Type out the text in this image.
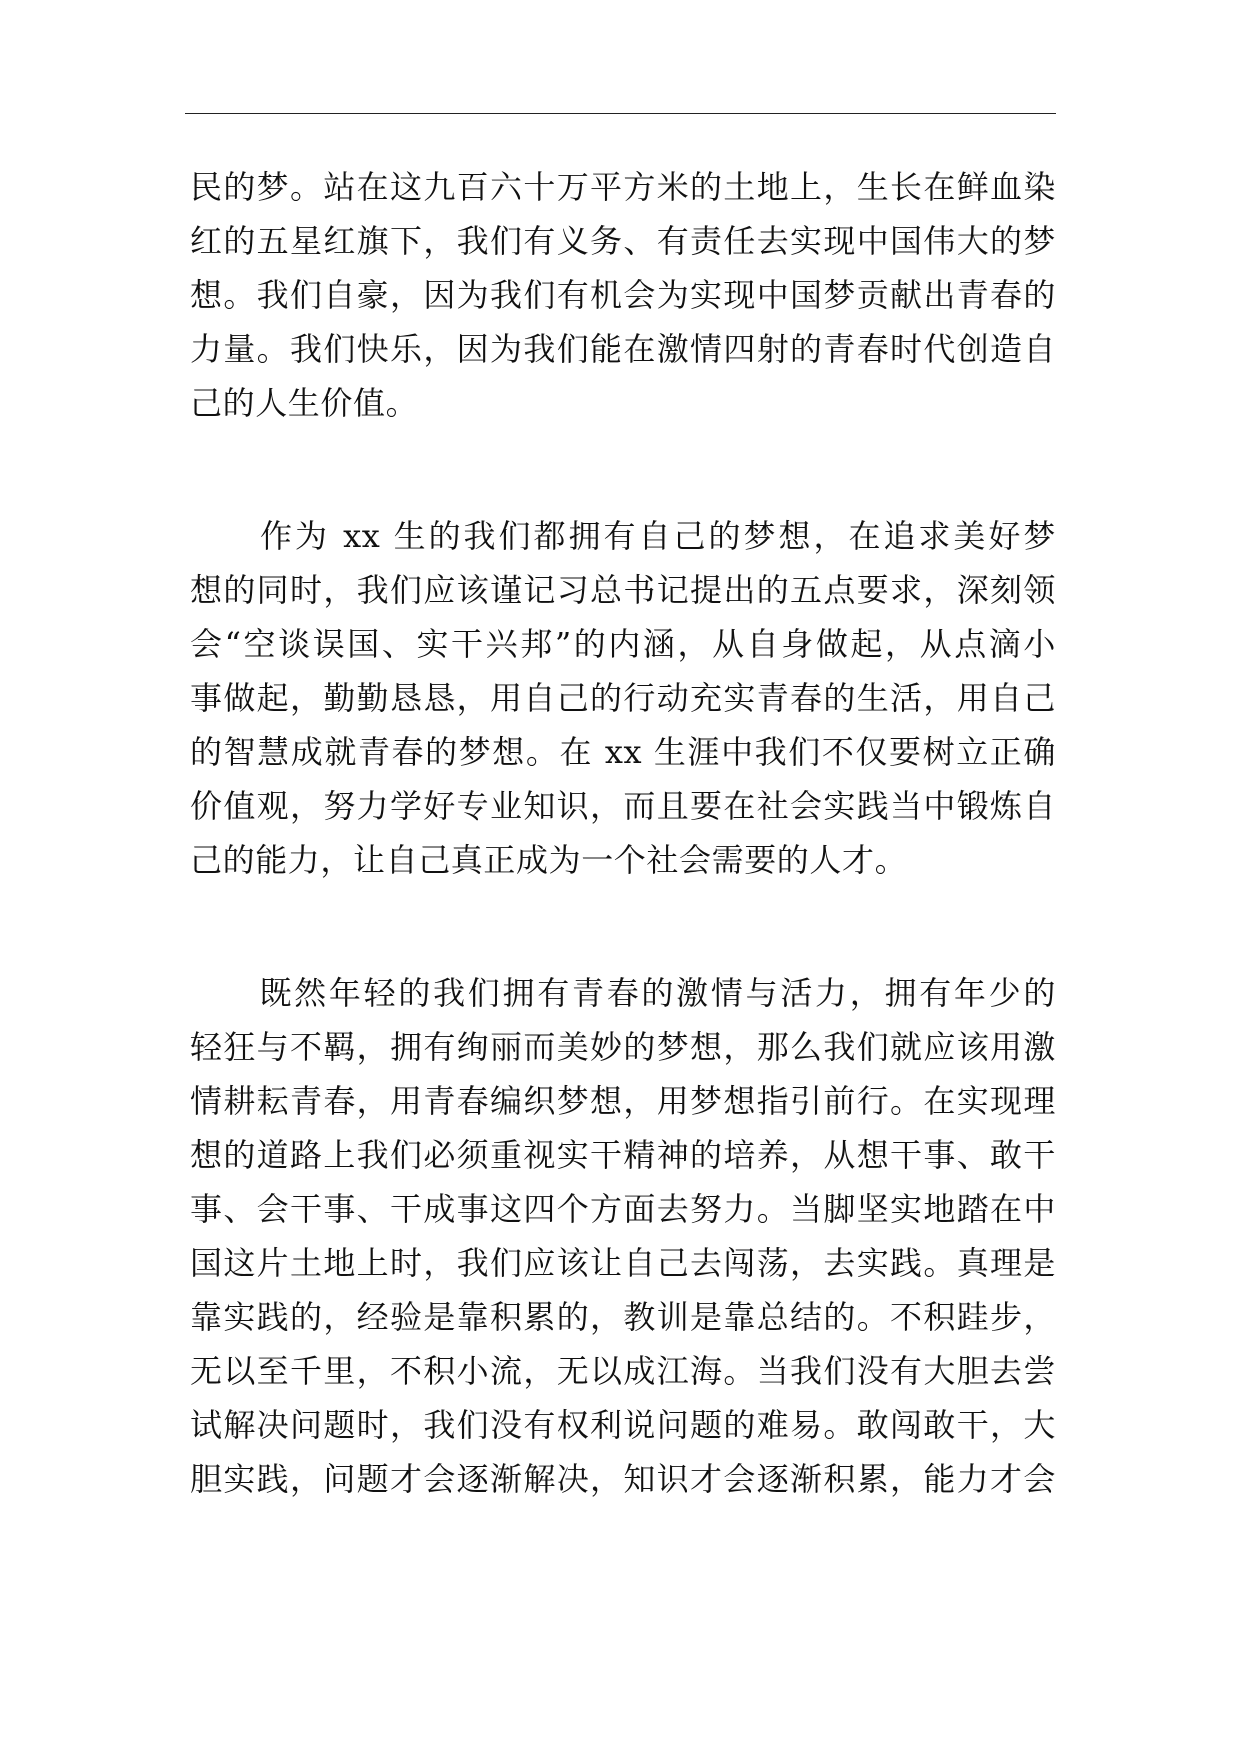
民的梦。站在这九百六十万平方米的土地上，生长在鲜血染
红的五星红旗下，我们有义务、有责任去实现中国伟大的梦
想。我们自豪，因为我们有机会为实现中国梦贡献出青春的
力量。我们快乐，因为我们能在激情四射的青春时代创造自
己的人生价值。
　　作为 xx 生的我们都拥有自己的梦想，在追求美好梦
想的同时，我们应该谨记习总书记提出的五点要求，深刻领
会“空谈误国、实干兴邦”的内涵，从自身做起，从点滴小
事做起，勤勤恳恳，用自己的行动充实青春的生活，用自己
的智慧成就青春的梦想。在 xx 生涯中我们不仅要树立正确
价值观，努力学好专业知识，而且要在社会实践当中锻炼自
己的能力，让自己真正成为一个社会需要的人才。
　　既然年轻的我们拥有青春的激情与活力，拥有年少的
轻狂与不羁，拥有绚丽而美妙的梦想，那么我们就应该用激
情耕耘青春，用青春编织梦想，用梦想指引前行。在实现理
想的道路上我们必须重视实干精神的培养，从想干事、敢干
事、会干事、干成事这四个方面去努力。当脚坚实地踏在中
国这片土地上时，我们应该让自己去闯荡，去实践。真理是
靠实践的，经验是靠积累的，教训是靠总结的。不积跬步，
无以至千里，不积小流，无以成江海。当我们没有大胆去尝
试解决问题时，我们没有权利说问题的难易。敢闯敢干，大
胆实践，问题才会逐渐解决，知识才会逐渐积累，能力才会
